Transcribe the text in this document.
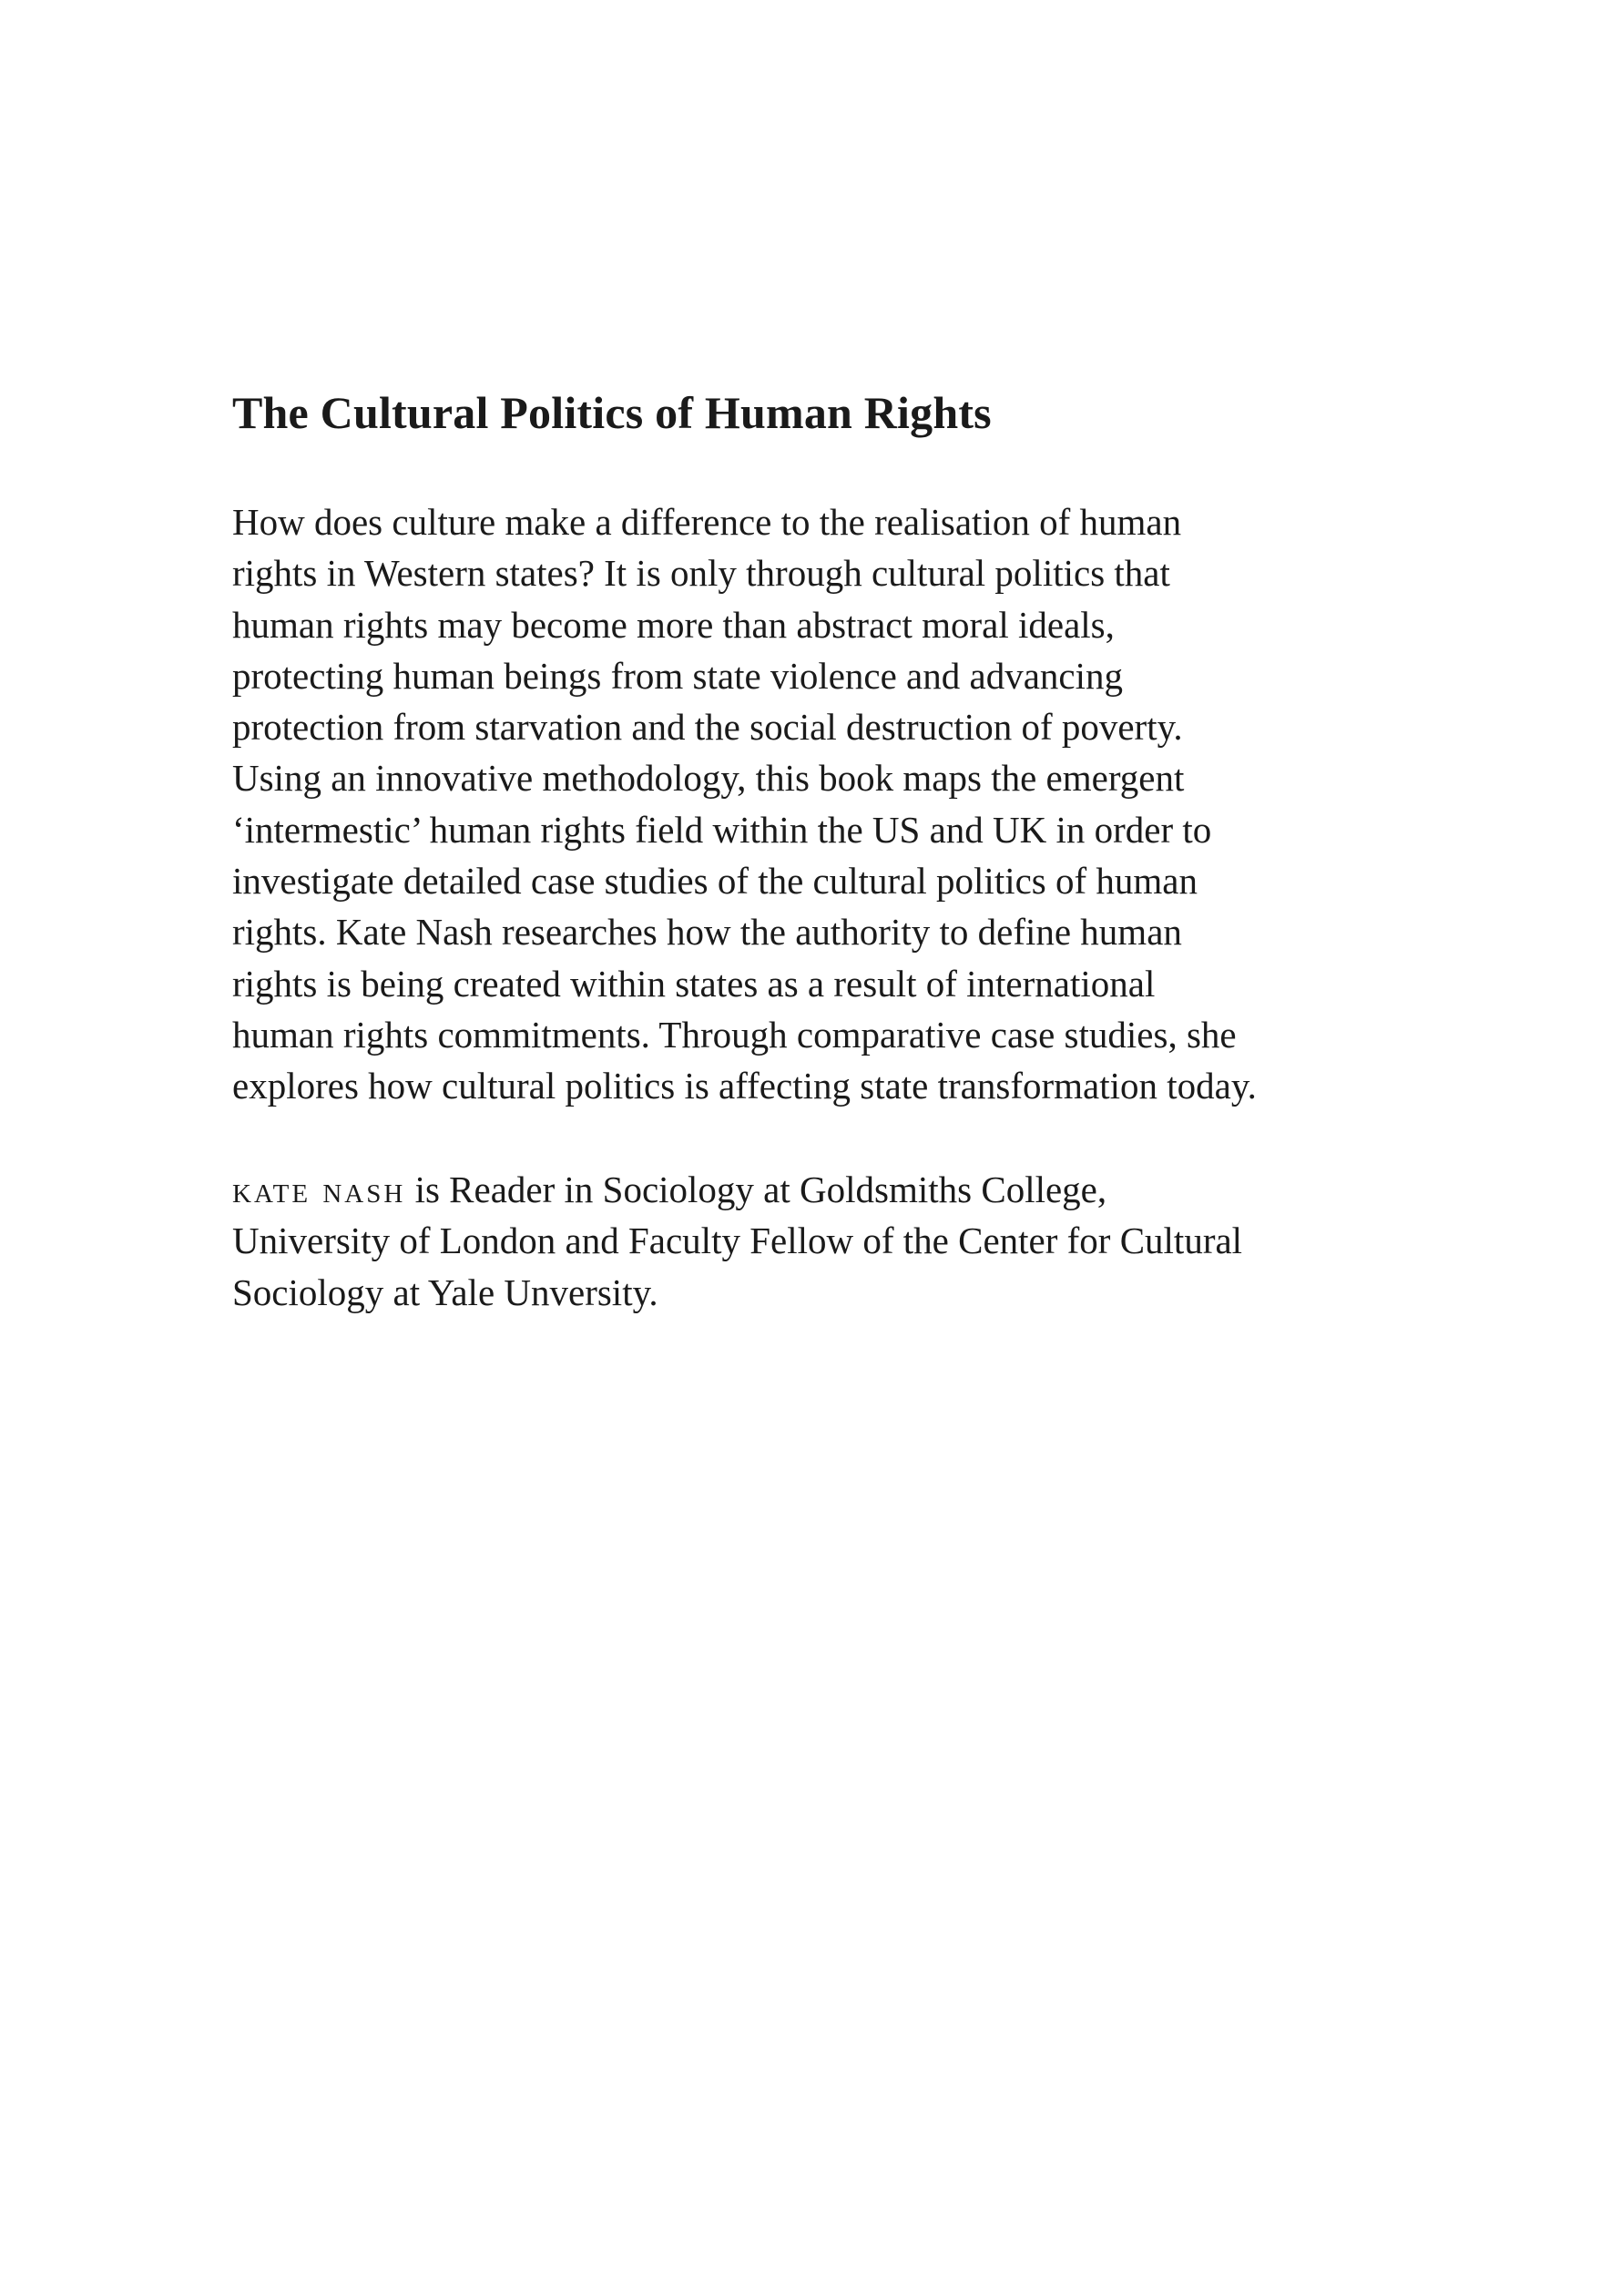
The Cultural Politics of Human Rights
How does culture make a difference to the realisation of human
rights in Western states? It is only through cultural politics that
human rights may become more than abstract moral ideals,
protecting human beings from state violence and advancing
protection from starvation and the social destruction of poverty.
Using an innovative methodology, this book maps the emergent
‘intermestic’ human rights field within the US and UK in order to
investigate detailed case studies of the cultural politics of human
rights. Kate Nash researches how the authority to define human
rights is being created within states as a result of international
human rights commitments. Through comparative case studies, she
explores how cultural politics is affecting state transformation today.
kate nash is Reader in Sociology at Goldsmiths College,
University of London and Faculty Fellow of the Center for Cultural
Sociology at Yale Unversity.
